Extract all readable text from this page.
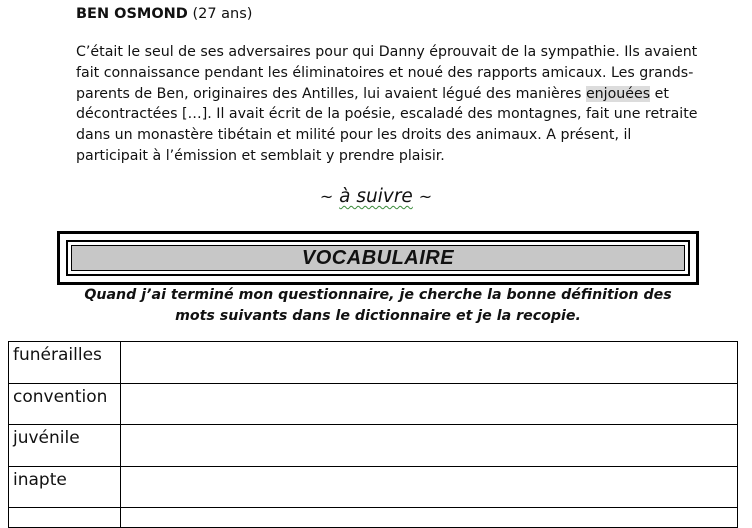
BEN OSMOND (27 ans)
C’était le seul de ses adversaires pour qui Danny éprouvait de la sympathie. Ils avaient
fait connaissance pendant les éliminatoires et noué des rapports amicaux. Les grands-
parents de Ben, originaires des Antilles, lui avaient légué des manières enjouées et
décontractées […]. Il avait écrit de la poésie, escaladé des montagnes, fait une retraite
dans un monastère tibétain et milité pour les droits des animaux. A présent, il
participait à l’émission et semblait y prendre plaisir.
~ à suivre ~
VOCABULAIRE
Quand j’ai terminé mon questionnaire, je cherche la bonne définition des
mots suivants dans le dictionnaire et je la recopie.
funérailles	
convention	
juvénile	
inapte	
